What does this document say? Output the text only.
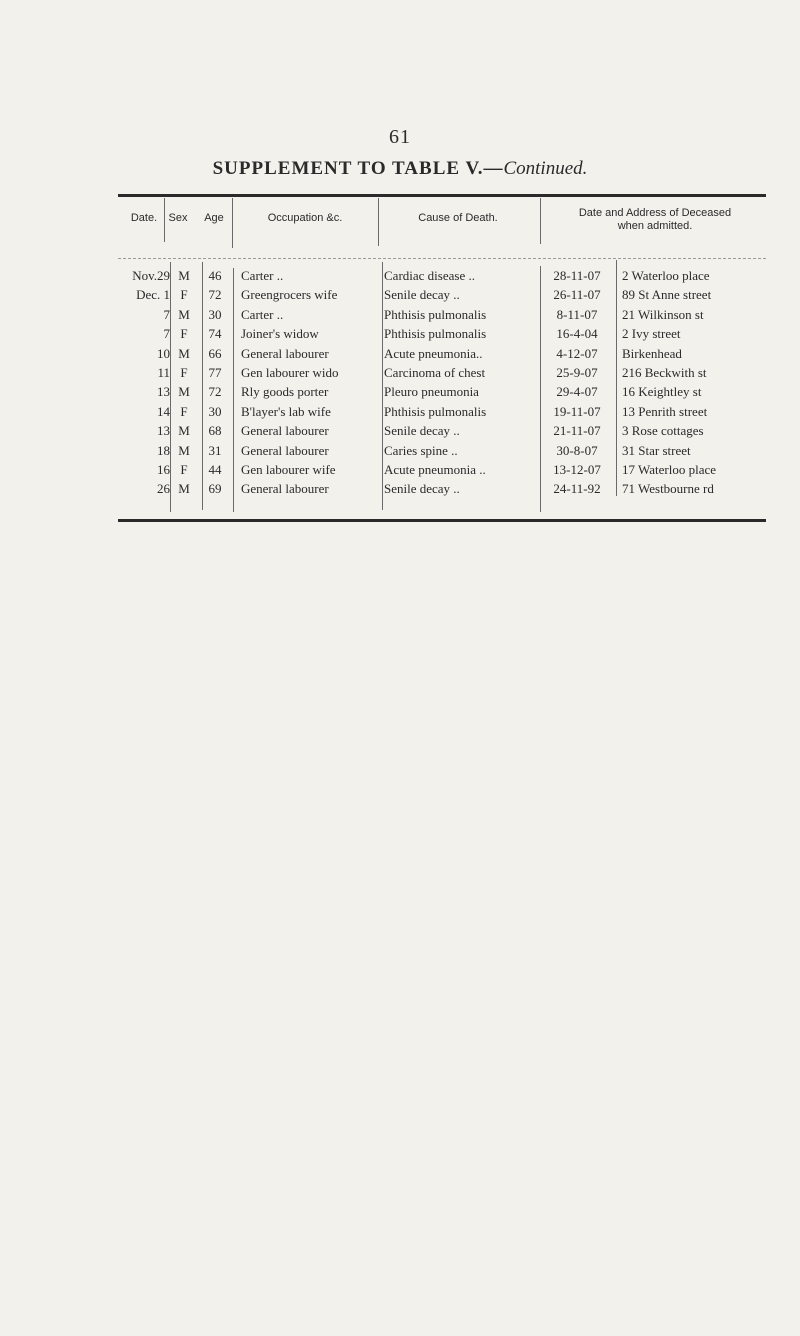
61
SUPPLEMENT TO TABLE V.—Continued.
Date.	Sex	Age	Occupation &c.	Cause of Death.	Date and Address of Deceased
when admitted.
Nov.29 M	46	Carter ..	Cardiac disease ..	28-11-07	2 Waterloo place
Dec. 1 F	72	Greengrocers wife	Senile decay ..	26-11-07	89 St Anne street
7 M	30	Carter ..	Phthisis pulmonalis	8-11-07	21 Wilkinson st
7 F	74	Joiner's widow	Phthisis pulmonalis	16-4-04	2 Ivy street
10 M	66	General labourer	Acute pneumonia..	4-12-07	Birkenhead
11 F	77	Gen labourer wido	Carcinoma of chest	25-9-07	216 Beckwith st
13 M	72	Rly goods porter	Pleuro pneumonia	29-4-07	16 Keightley st
14 F	30	B'layer's lab wife	Phthisis pulmonalis	19-11-07	13 Penrith street
13 M	68	General labourer	Senile decay ..	21-11-07	3 Rose cottages
18 M	31	General labourer	Caries spine ..	30-8-07	31 Star street
16 F	44	Gen labourer wife	Acute pneumonia ..	13-12-07	17 Waterloo place
26 M	69	General labourer	Senile decay ..	24-11-92	71 Westbourne rd
